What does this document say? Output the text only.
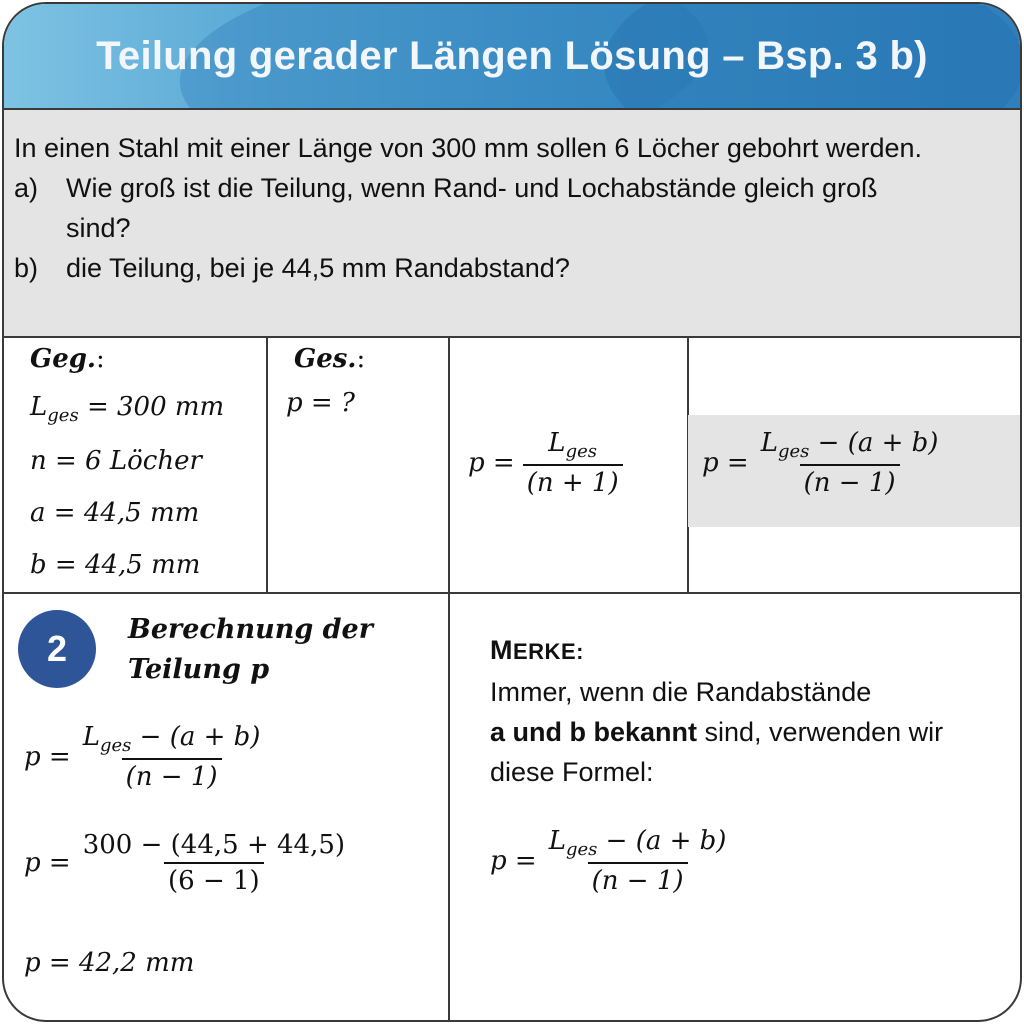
Teilung gerader Längen Lösung – Bsp. 3 b)
In einen Stahl mit einer Länge von 300 mm sollen 6 Löcher gebohrt werden.
a)	Wie groß ist die Teilung, wenn Rand- und Lochabstände gleich groß
sind?
b)	die Teilung, bei je 44,5 mm Randabstand?
Geg.:
$L_{ges} = 300$ mm
n = 6 Löcher
a = 44,5 mm
b = 44,5 mm
Ges.:
p = ?
$p = \frac{L_{ges}}{(n + 1)}$	$p = \frac{L_{ges} - (a + b)}{(n - 1)}$
2	Berechnung der
Teilung p
$p = \frac{L_{ges} - (a + b)}{(n - 1)}$
$p = \frac{300 - (44,5 + 44,5)}{(6 - 1)}$
p = 42,2 mm
MERKE:
Immer, wenn die Randabstände
a und b bekannt sind, verwenden wir
diese Formel:
$p = \frac{L_{ges} - (a + b)}{(n - 1)}$
